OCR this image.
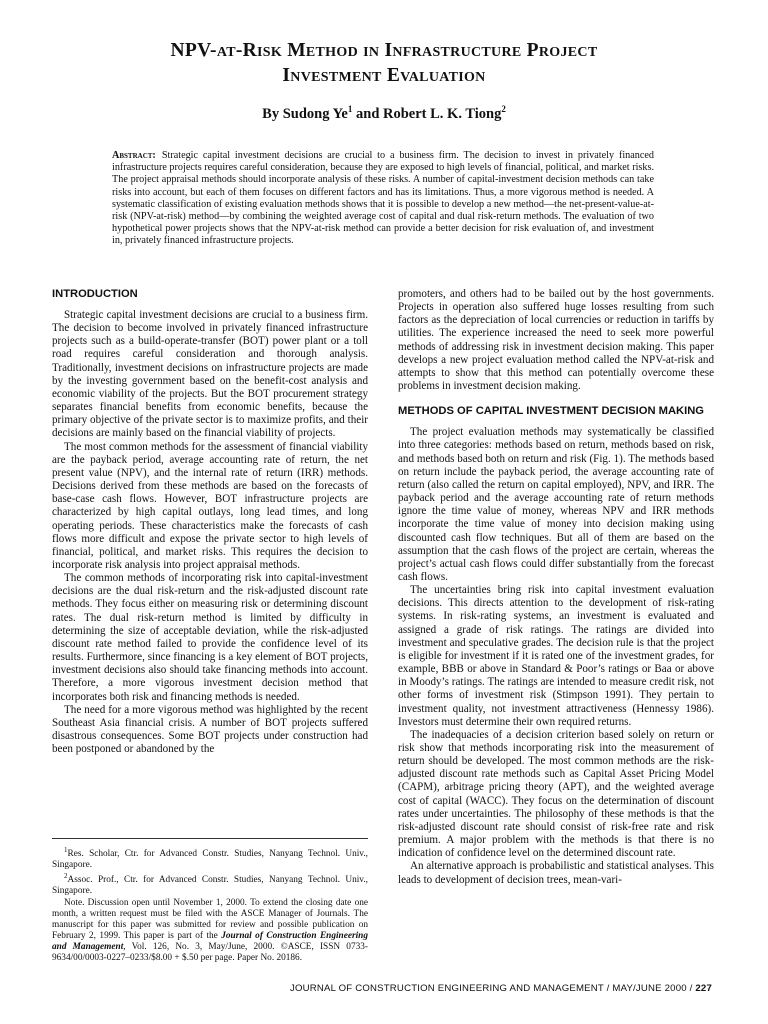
NPV-at-Risk Method in Infrastructure Project
Investment Evaluation
By Sudong Ye$^1$ and Robert L. K. Tiong$^2$
Abstract: Strategic capital investment decisions are crucial to a business firm. The decision to invest in privately financed infrastructure projects requires careful consideration, because they are exposed to high levels of financial, political, and market risks. The project appraisal methods should incorporate analysis of these risks. A number of capital-investment decision methods can take risks into account, but each of them focuses on different factors and has its limitations. Thus, a more vigorous method is needed. A systematic classification of existing evaluation methods shows that it is possible to develop a new method—the net-present-value-at-risk (NPV-at-risk) method—by combining the weighted average cost of capital and dual risk-return methods. The evaluation of two hypothetical power projects shows that the NPV-at-risk method can provide a better decision for risk evaluation of, and investment in, privately financed infrastructure projects.
INTRODUCTION

Strategic capital investment decisions are crucial to a business firm. The decision to become involved in privately financed infrastructure projects such as a build-operate-transfer (BOT) power plant or a toll road requires careful consideration and thorough analysis. Traditionally, investment decisions on infrastructure projects are made by the investing government based on the benefit-cost analysis and economic viability of the projects. But the BOT procurement strategy separates financial benefits from economic benefits, because the primary objective of the private sector is to maximize profits, and their decisions are mainly based on the financial viability of projects.

The most common methods for the assessment of financial viability are the payback period, average accounting rate of return, the net present value (NPV), and the internal rate of return (IRR) methods. Decisions derived from these methods are based on the forecasts of base-case cash flows. However, BOT infrastructure projects are characterized by high capital outlays, long lead times, and long operating periods. These characteristics make the forecasts of cash flows more difficult and expose the private sector to high levels of financial, political, and market risks. This requires the decision to incorporate risk analysis into project appraisal methods.

The common methods of incorporating risk into capital-investment decisions are the dual risk-return and the risk-adjusted discount rate methods. They focus either on measuring risk or determining discount rates. The dual risk-return method is limited by difficulty in determining the size of acceptable deviation, while the risk-adjusted discount rate method failed to provide the confidence level of its results. Furthermore, since financing is a key element of BOT projects, investment decisions also should take financing methods into account. Therefore, a more vigorous investment decision method that incorporates both risk and financing methods is needed.

The need for a more vigorous method was highlighted by the recent Southeast Asia financial crisis. A number of BOT projects suffered disastrous consequences. Some BOT projects under construction had been postponed or abandoned by the

$^1$Res. Scholar, Ctr. for Advanced Constr. Studies, Nanyang Technol. Univ., Singapore.

$^2$Assoc. Prof., Ctr. for Advanced Constr. Studies, Nanyang Technol. Univ., Singapore.

Note. Discussion open until November 1, 2000. To extend the closing date one month, a written request must be filed with the ASCE Manager of Journals. The manuscript for this paper was submitted for review and possible publication on February 2, 1999. This paper is part of the Journal of Construction Engineering and Management, Vol. 126, No. 3, May/June, 2000. ©ASCE, ISSN 0733-9634/00/0003-0227–0233/$8.00 + $.50 per page. Paper No. 20186.

promoters, and others had to be bailed out by the host governments. Projects in operation also suffered huge losses resulting from such factors as the depreciation of local currencies or reduction in tariffs by utilities. The experience increased the need to seek more powerful methods of addressing risk in investment decision making. This paper develops a new project evaluation method called the NPV-at-risk and attempts to show that this method can potentially overcome these problems in investment decision making.

METHODS OF CAPITAL INVESTMENT DECISION MAKING

The project evaluation methods may systematically be classified into three categories: methods based on return, methods based on risk, and methods based both on return and risk (Fig. 1). The methods based on return include the payback period, the average accounting rate of return (also called the return on capital employed), NPV, and IRR. The payback period and the average accounting rate of return methods ignore the time value of money, whereas NPV and IRR methods incorporate the time value of money into decision making using discounted cash flow techniques. But all of them are based on the assumption that the cash flows of the project are certain, whereas the project’s actual cash flows could differ substantially from the forecast cash flows.

The uncertainties bring risk into capital investment evaluation decisions. This directs attention to the development of risk-rating systems. In risk-rating systems, an investment is evaluated and assigned a grade of risk ratings. The ratings are divided into investment and speculative grades. The decision rule is that the project is eligible for investment if it is rated one of the investment grades, for example, BBB or above in Standard & Poor’s ratings or Baa or above in Moody’s ratings. The ratings are intended to measure credit risk, not other forms of investment risk (Stimpson 1991). They pertain to investment quality, not investment attractiveness (Hennessy 1986). Investors must determine their own required returns.

The inadequacies of a decision criterion based solely on return or risk show that methods incorporating risk into the measurement of return should be developed. The most common methods are the risk-adjusted discount rate methods such as Capital Asset Pricing Model (CAPM), arbitrage pricing theory (APT), and the weighted average cost of capital (WACC). They focus on the determination of discount rates under uncertainties. The philosophy of these methods is that the risk-adjusted discount rate should consist of risk-free rate and risk premium. A major problem with the methods is that there is no indication of confidence level on the determined discount rate.

An alternative approach is probabilistic and statistical analyses. This leads to development of decision trees, mean-vari-

JOURNAL OF CONSTRUCTION ENGINEERING AND MANAGEMENT / MAY/JUNE 2000 / 227
